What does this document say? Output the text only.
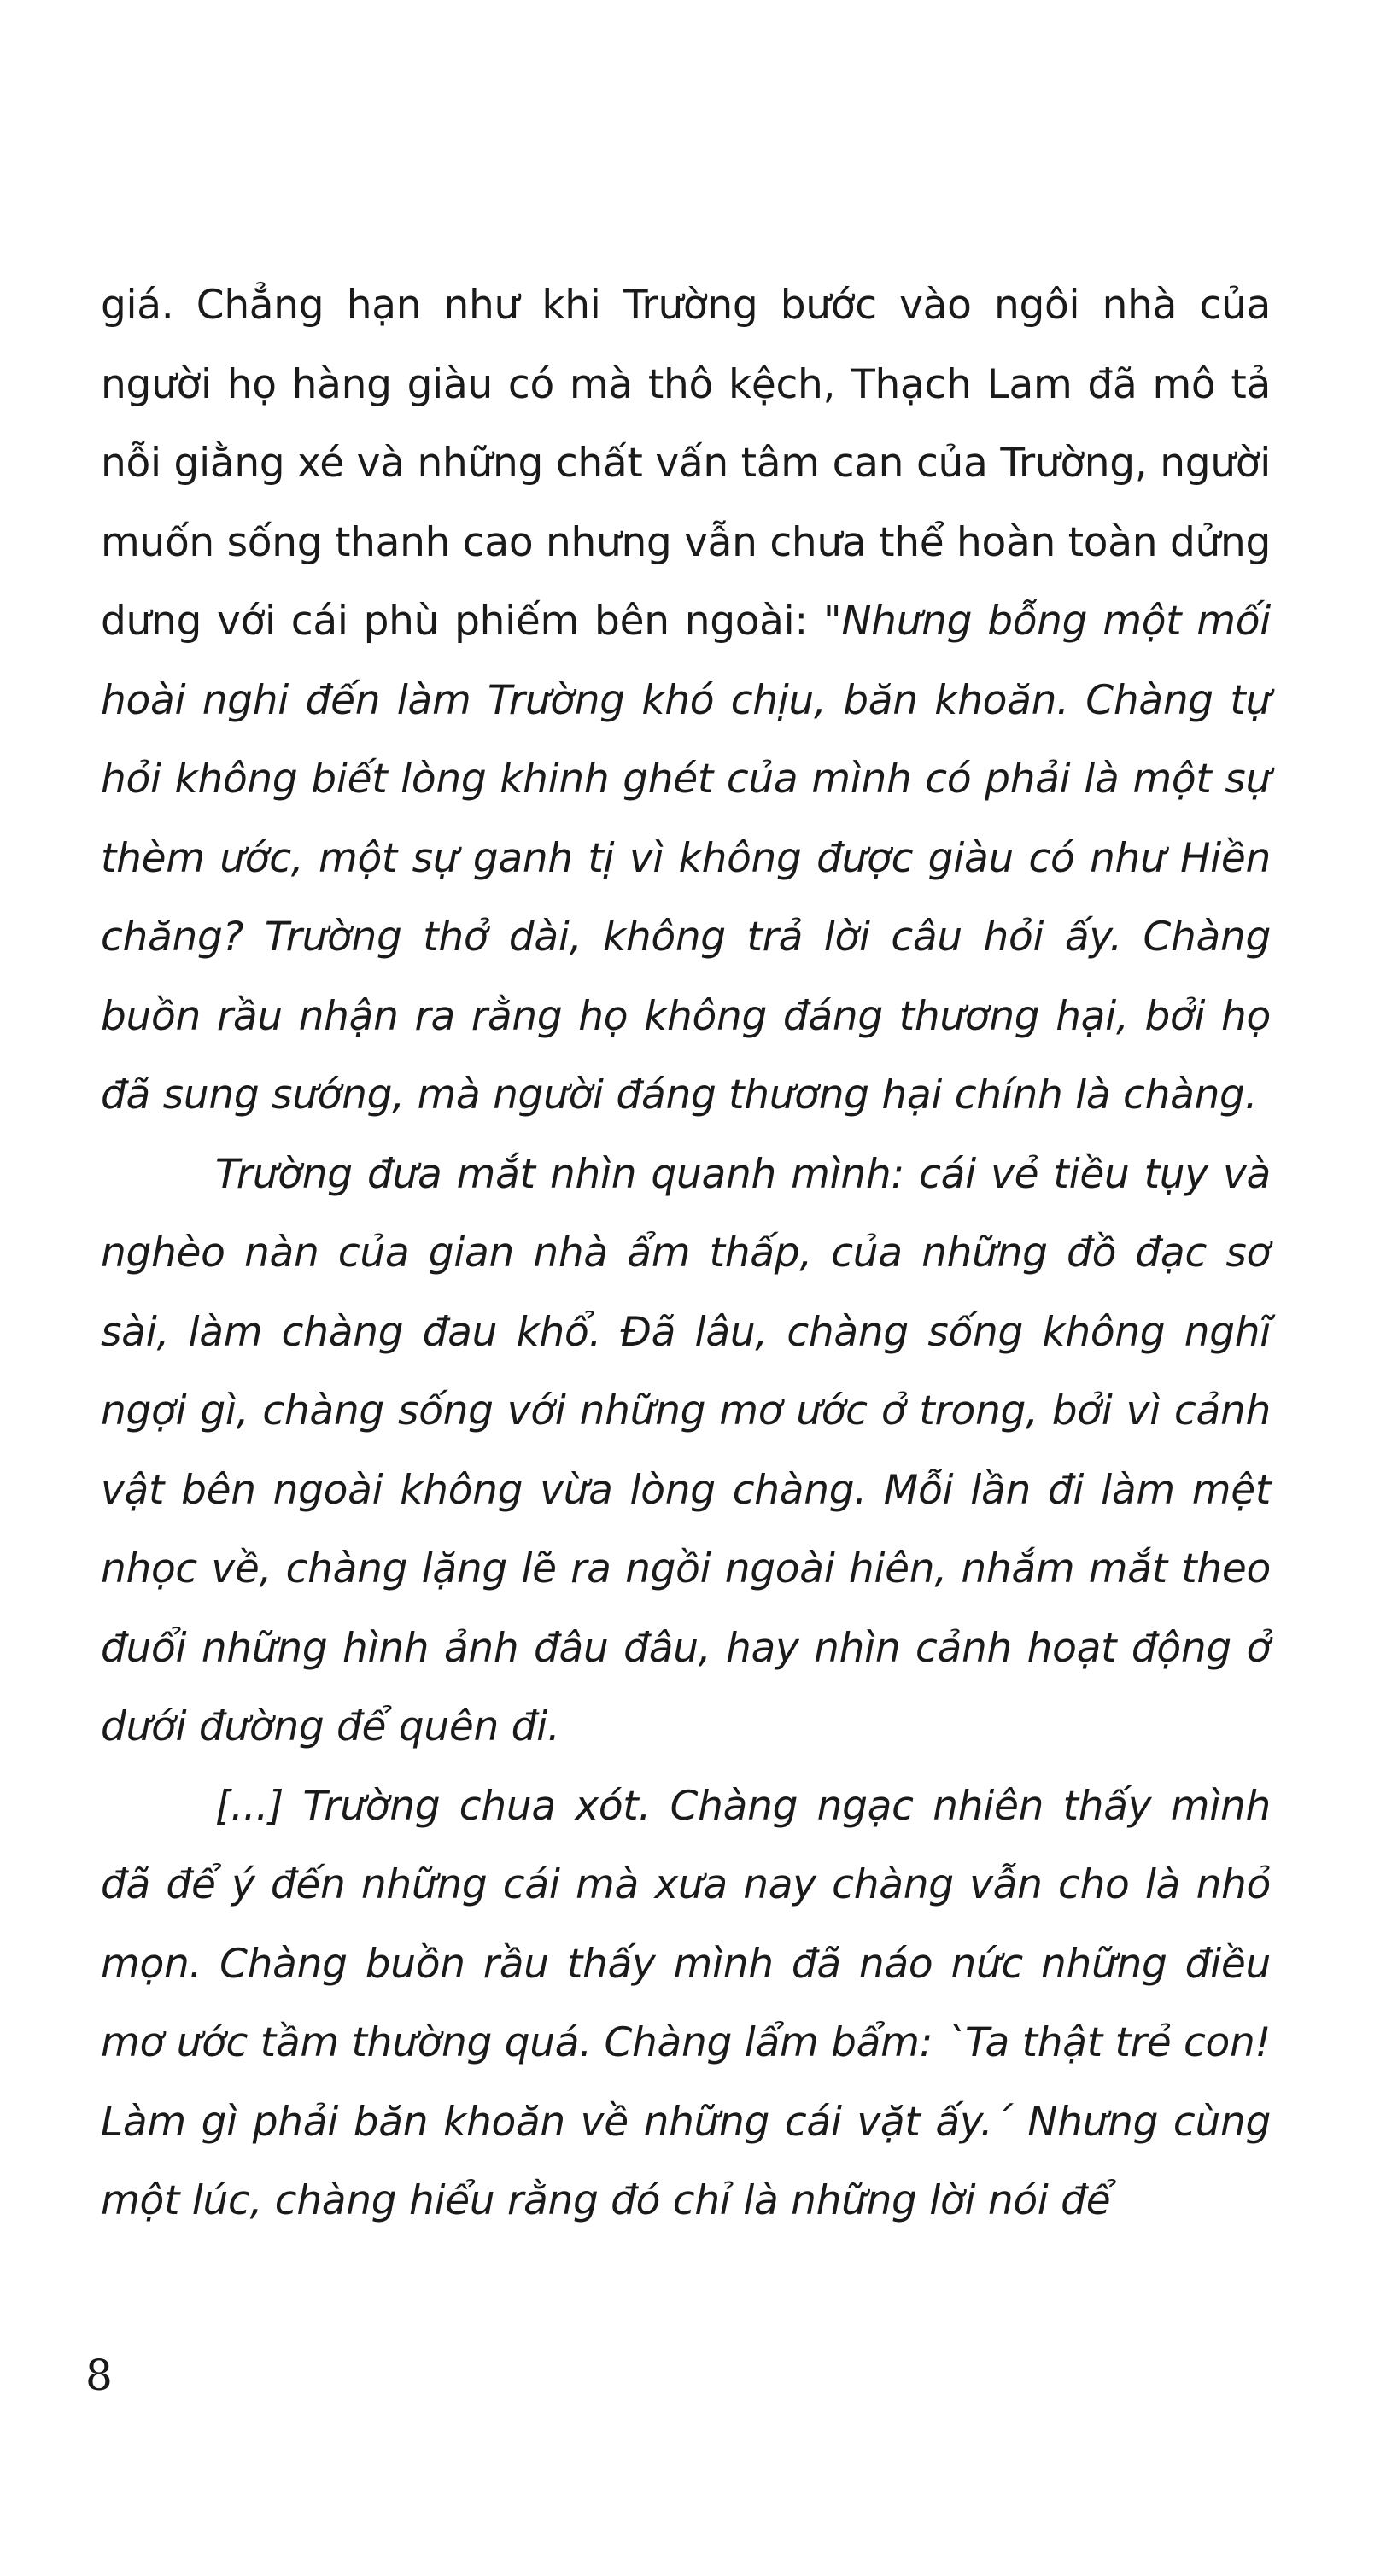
giá. Chẳng hạn như khi Trường bước vào ngôi nhà của người họ hàng giàu có mà thô kệch, Thạch Lam đã mô tả nỗi giằng xé và những chất vấn tâm can của Trường, người muốn sống thanh cao nhưng vẫn chưa thể hoàn toàn dửng dưng với cái phù phiếm bên ngoài: "Nhưng bỗng một mối hoài nghi đến làm Trường khó chịu, băn khoăn. Chàng tự hỏi không biết lòng khinh ghét của mình có phải là một sự thèm ước, một sự ganh tị vì không được giàu có như Hiền chăng? Trường thở dài, không trả lời câu hỏi ấy. Chàng buồn rầu nhận ra rằng họ không đáng thương hại, bởi họ đã sung sướng, mà người đáng thương hại chính là chàng.

Trường đưa mắt nhìn quanh mình: cái vẻ tiều tụy và nghèo nàn của gian nhà ẩm thấp, của những đồ đạc sơ sài, làm chàng đau khổ. Đã lâu, chàng sống không nghĩ ngợi gì, chàng sống với những mơ ước ở trong, bởi vì cảnh vật bên ngoài không vừa lòng chàng. Mỗi lần đi làm mệt nhọc về, chàng lặng lẽ ra ngồi ngoài hiên, nhắm mắt theo đuổi những hình ảnh đâu đâu, hay nhìn cảnh hoạt động ở dưới đường để quên đi.

[...] Trường chua xót. Chàng ngạc nhiên thấy mình đã để ý đến những cái mà xưa nay chàng vẫn cho là nhỏ mọn. Chàng buồn rầu thấy mình đã náo nức những điều mơ ước tầm thường quá. Chàng lẩm bẩm: `Ta thật trẻ con! Làm gì phải băn khoăn về những cái vặt ấy.´ Nhưng cùng một lúc, chàng hiểu rằng đó chỉ là những lời nói để

8
